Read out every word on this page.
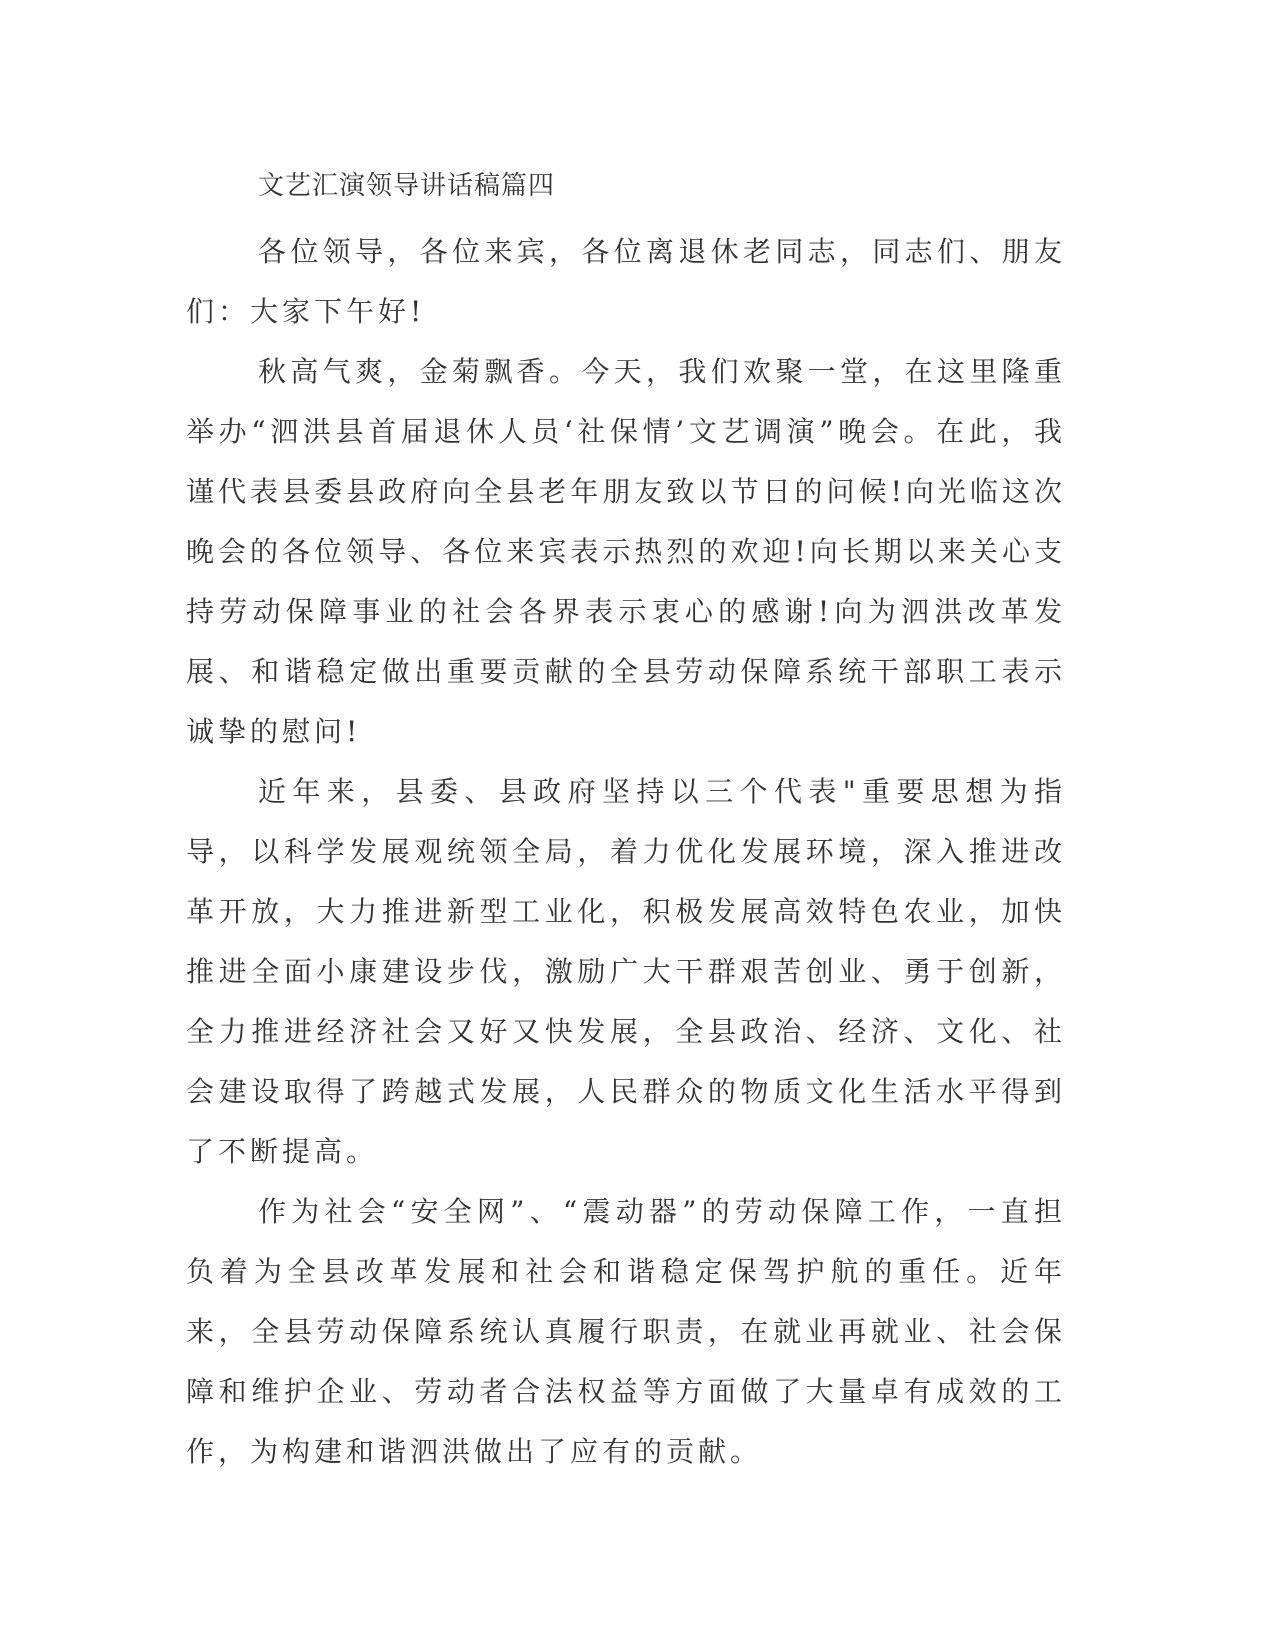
文艺汇演领导讲话稿篇四

各位领导，各位来宾，各位离退休老同志，同志们、朋友们：大家下午好!

秋高气爽，金菊飘香。今天，我们欢聚一堂，在这里隆重举办“泗洪县首届退休人员‘社保情’文艺调演”晚会。在此，我谨代表县委县政府向全县老年朋友致以节日的问候!向光临这次晚会的各位领导、各位来宾表示热烈的欢迎!向长期以来关心支持劳动保障事业的社会各界表示衷心的感谢!向为泗洪改革发展、和谐稳定做出重要贡献的全县劳动保障系统干部职工表示诚挚的慰问!

近年来，县委、县政府坚持以三个代表"重要思想为指导，以科学发展观统领全局，着力优化发展环境，深入推进改革开放，大力推进新型工业化，积极发展高效特色农业，加快推进全面小康建设步伐，激励广大干群艰苦创业、勇于创新，全力推进经济社会又好又快发展，全县政治、经济、文化、社会建设取得了跨越式发展，人民群众的物质文化生活水平得到了不断提高。

作为社会“安全网”、“震动器”的劳动保障工作，一直担负着为全县改革发展和社会和谐稳定保驾护航的重任。近年来，全县劳动保障系统认真履行职责，在就业再就业、社会保障和维护企业、劳动者合法权益等方面做了大量卓有成效的工作，为构建和谐泗洪做出了应有的贡献。
